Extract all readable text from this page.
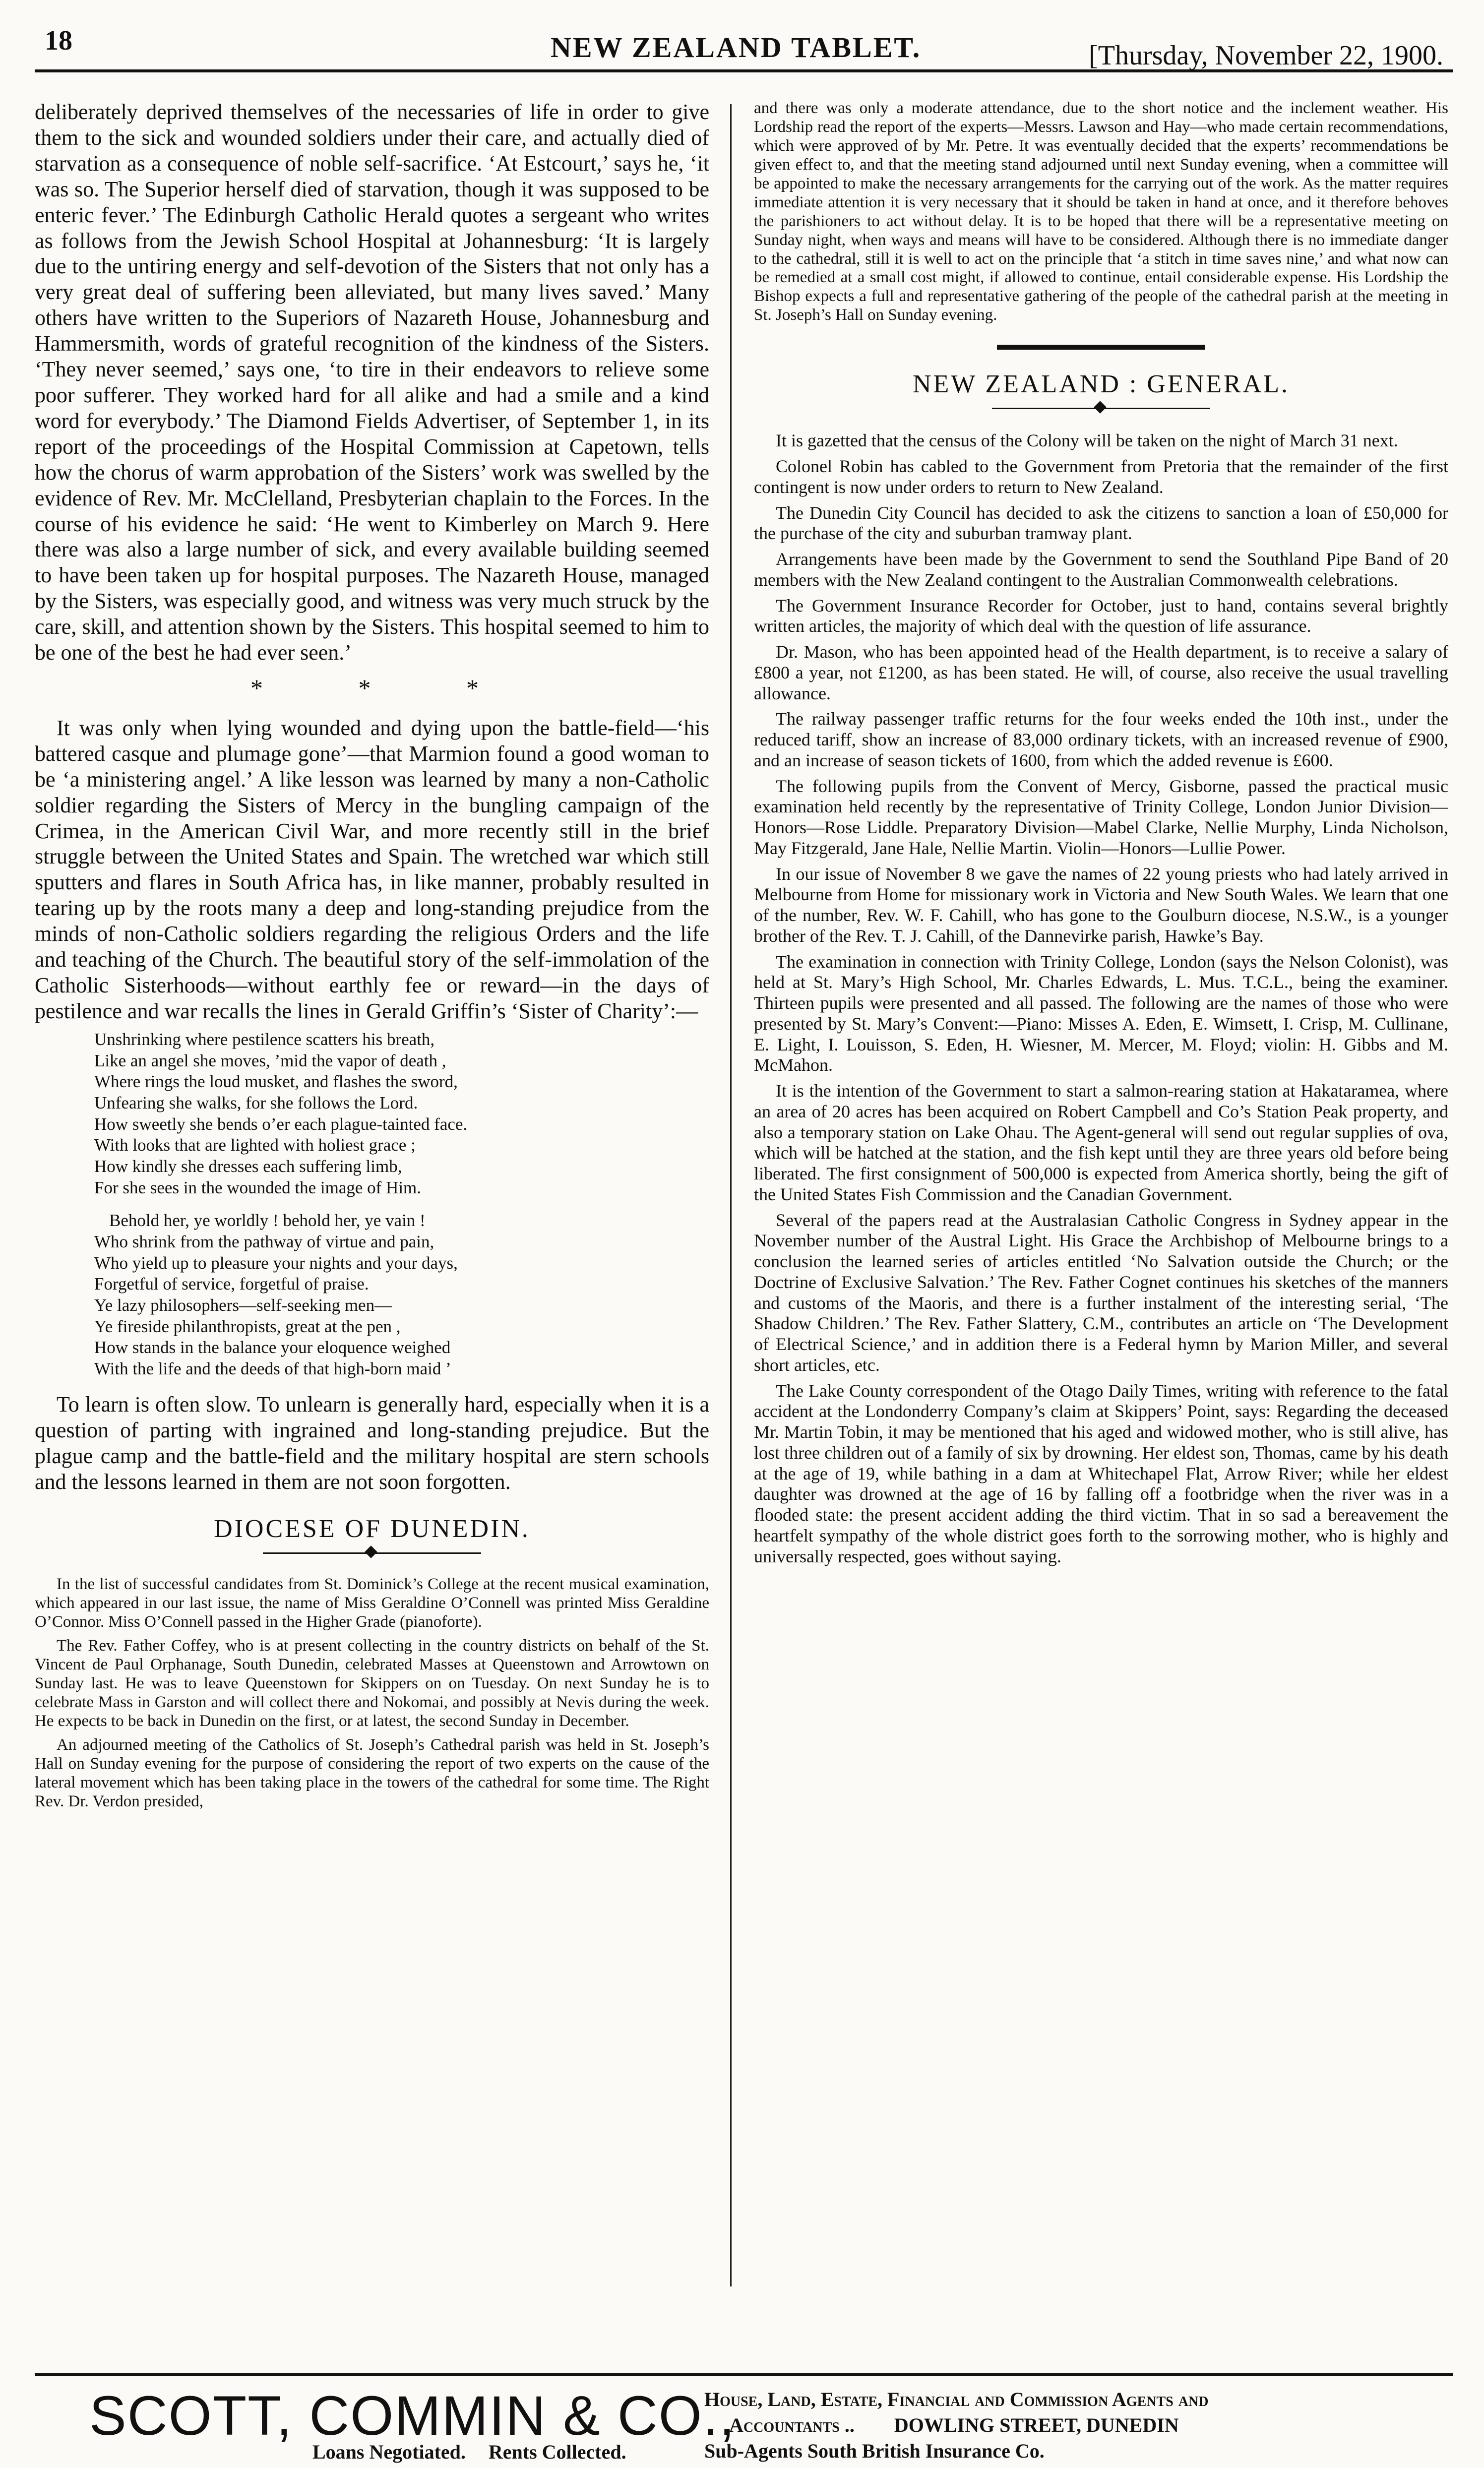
18	NEW ZEALAND TABLET.	[Thursday, November 22, 1900.

deliberately deprived themselves of the necessaries of life in order to give them to the sick and wounded soldiers under their care, and actually died of starvation as a consequence of noble self-sacrifice. ‘At Estcourt,’ says he, ‘it was so. The Superior herself died of starvation, though it was supposed to be enteric fever.’ The Edinburgh Catholic Herald quotes a sergeant who writes as follows from the Jewish School Hospital at Johannesburg: ‘It is largely due to the untiring energy and self-devotion of the Sisters that not only has a very great deal of suffering been alleviated, but many lives saved.’ Many others have written to the Superiors of Nazareth House, Johannesburg and Hammersmith, words of grateful recognition of the kindness of the Sisters. ‘They never seemed,’ says one, ‘to tire in their endeavors to relieve some poor sufferer. They worked hard for all alike and had a smile and a kind word for everybody.’ The Diamond Fields Advertiser, of September 1, in its report of the proceedings of the Hospital Commission at Capetown, tells how the chorus of warm approbation of the Sisters’ work was swelled by the evidence of Rev. Mr. McClelland, Presbyterian chaplain to the Forces. In the course of his evidence he said: ‘He went to Kimberley on March 9. Here there was also a large number of sick, and every available building seemed to have been taken up for hospital purposes. The Nazareth House, managed by the Sisters, was especially good, and witness was very much struck by the care, skill, and attention shown by the Sisters. This hospital seemed to him to be one of the best he had ever seen.’

* * *

It was only when lying wounded and dying upon the battle-field—‘his battered casque and plumage gone’—that Marmion found a good woman to be ‘a ministering angel.’ A like lesson was learned by many a non-Catholic soldier regarding the Sisters of Mercy in the bungling campaign of the Crimea, in the American Civil War, and more recently still in the brief struggle between the United States and Spain. The wretched war which still sputters and flares in South Africa has, in like manner, probably resulted in tearing up by the roots many a deep and long-standing prejudice from the minds of non-Catholic soldiers regarding the religious Orders and the life and teaching of the Church. The beautiful story of the self-immolation of the Catholic Sisterhoods—without earthly fee or reward—in the days of pestilence and war recalls the lines in Gerald Griffin’s ‘Sister of Charity’:—

Unshrinking where pestilence scatters his breath,
Like an angel she moves, ’mid the vapor of death ,
Where rings the loud musket, and flashes the sword,
Unfearing she walks, for she follows the Lord.
How sweetly she bends o’er each plague-tainted face.
With looks that are lighted with holiest grace ;
How kindly she dresses each suffering limb,
For she sees in the wounded the image of Him.
Behold her, ye worldly ! behold her, ye vain !
Who shrink from the pathway of virtue and pain,
Who yield up to pleasure your nights and your days,
Forgetful of service, forgetful of praise.
Ye lazy philosophers—self-seeking men—
Ye fireside philanthropists, great at the pen ,
How stands in the balance your eloquence weighed
With the life and the deeds of that high-born maid ’

To learn is often slow. To unlearn is generally hard, especially when it is a question of parting with ingrained and long-standing prejudice. But the plague camp and the battle-field and the military hospital are stern schools and the lessons learned in them are not soon forgotten.

DIOCESE OF DUNEDIN.

In the list of successful candidates from St. Dominick’s College at the recent musical examination, which appeared in our last issue, the name of Miss Geraldine O’Connell was printed Miss Geraldine O’Connor. Miss O’Connell passed in the Higher Grade (pianoforte).

The Rev. Father Coffey, who is at present collecting in the country districts on behalf of the St. Vincent de Paul Orphanage, South Dunedin, celebrated Masses at Queenstown and Arrowtown on Sunday last. He was to leave Queenstown for Skippers on on Tuesday. On next Sunday he is to celebrate Mass in Garston and will collect there and Nokomai, and possibly at Nevis during the week. He expects to be back in Dunedin on the first, or at latest, the second Sunday in December.

An adjourned meeting of the Catholics of St. Joseph’s Cathedral parish was held in St. Joseph’s Hall on Sunday evening for the purpose of considering the report of two experts on the cause of the lateral movement which has been taking place in the towers of the cathedral for some time. The Right Rev. Dr. Verdon presided,

and there was only a moderate attendance, due to the short notice and the inclement weather. His Lordship read the report of the experts—Messrs. Lawson and Hay—who made certain recommendations, which were approved of by Mr. Petre. It was eventually decided that the experts’ recommendations be given effect to, and that the meeting stand adjourned until next Sunday evening, when a committee will be appointed to make the necessary arrangements for the carrying out of the work. As the matter requires immediate attention it is very necessary that it should be taken in hand at once, and it therefore behoves the parishioners to act without delay. It is to be hoped that there will be a representative meeting on Sunday night, when ways and means will have to be considered. Although there is no immediate danger to the cathedral, still it is well to act on the principle that ‘a stitch in time saves nine,’ and what now can be remedied at a small cost might, if allowed to continue, entail considerable expense. His Lordship the Bishop expects a full and representative gathering of the people of the cathedral parish at the meeting in St. Joseph’s Hall on Sunday evening.

NEW ZEALAND : GENERAL.

It is gazetted that the census of the Colony will be taken on the night of March 31 next.

Colonel Robin has cabled to the Government from Pretoria that the remainder of the first contingent is now under orders to return to New Zealand.

The Dunedin City Council has decided to ask the citizens to sanction a loan of £50,000 for the purchase of the city and suburban tramway plant.

Arrangements have been made by the Government to send the Southland Pipe Band of 20 members with the New Zealand contingent to the Australian Commonwealth celebrations.

The Government Insurance Recorder for October, just to hand, contains several brightly written articles, the majority of which deal with the question of life assurance.

Dr. Mason, who has been appointed head of the Health department, is to receive a salary of £800 a year, not £1200, as has been stated. He will, of course, also receive the usual travelling allowance.

The railway passenger traffic returns for the four weeks ended the 10th inst., under the reduced tariff, show an increase of 83,000 ordinary tickets, with an increased revenue of £900, and an increase of season tickets of 1600, from which the added revenue is £600.

The following pupils from the Convent of Mercy, Gisborne, passed the practical music examination held recently by the representative of Trinity College, London Junior Division—Honors—Rose Liddle. Preparatory Division—Mabel Clarke, Nellie Murphy, Linda Nicholson, May Fitzgerald, Jane Hale, Nellie Martin. Violin—Honors—Lullie Power.

In our issue of November 8 we gave the names of 22 young priests who had lately arrived in Melbourne from Home for missionary work in Victoria and New South Wales. We learn that one of the number, Rev. W. F. Cahill, who has gone to the Goulburn diocese, N.S.W., is a younger brother of the Rev. T. J. Cahill, of the Dannevirke parish, Hawke’s Bay.

The examination in connection with Trinity College, London (says the Nelson Colonist), was held at St. Mary’s High School, Mr. Charles Edwards, L. Mus. T.C.L., being the examiner. Thirteen pupils were presented and all passed. The following are the names of those who were presented by St. Mary’s Convent:—Piano: Misses A. Eden, E. Wimsett, I. Crisp, M. Cullinane, E. Light, I. Louisson, S. Eden, H. Wiesner, M. Mercer, M. Floyd; violin: H. Gibbs and M. McMahon.

It is the intention of the Government to start a salmon-rearing station at Hakataramea, where an area of 20 acres has been acquired on Robert Campbell and Co’s Station Peak property, and also a temporary station on Lake Ohau. The Agent-general will send out regular supplies of ova, which will be hatched at the station, and the fish kept until they are three years old before being liberated. The first consignment of 500,000 is expected from America shortly, being the gift of the United States Fish Commission and the Canadian Government.

Several of the papers read at the Australasian Catholic Congress in Sydney appear in the November number of the Austral Light. His Grace the Archbishop of Melbourne brings to a conclusion the learned series of articles entitled ‘No Salvation outside the Church; or the Doctrine of Exclusive Salvation.’ The Rev. Father Cognet continues his sketches of the manners and customs of the Maoris, and there is a further instalment of the interesting serial, ‘The Shadow Children.’ The Rev. Father Slattery, C.M., contributes an article on ‘The Development of Electrical Science,’ and in addition there is a Federal hymn by Marion Miller, and several short articles, etc.

The Lake County correspondent of the Otago Daily Times, writing with reference to the fatal accident at the Londonderry Company’s claim at Skippers’ Point, says: Regarding the deceased Mr. Martin Tobin, it may be mentioned that his aged and widowed mother, who is still alive, has lost three children out of a family of six by drowning. Her eldest son, Thomas, came by his death at the age of 19, while bathing in a dam at Whitechapel Flat, Arrow River; while her eldest daughter was drowned at the age of 16 by falling off a footbridge when the river was in a flooded state: the present accident adding the third victim. That in so sad a bereavement the heartfelt sympathy of the whole district goes forth to the sorrowing mother, who is highly and universally respected, goes without saying.

SCOTT, COMMIN & CO.,
Loans Negotiated. Rents Collected.
House, Land, Estate, Financial and Commission Agents and
Accountants .. DOWLING STREET, DUNEDIN
Sub-Agents South British Insurance Co.
